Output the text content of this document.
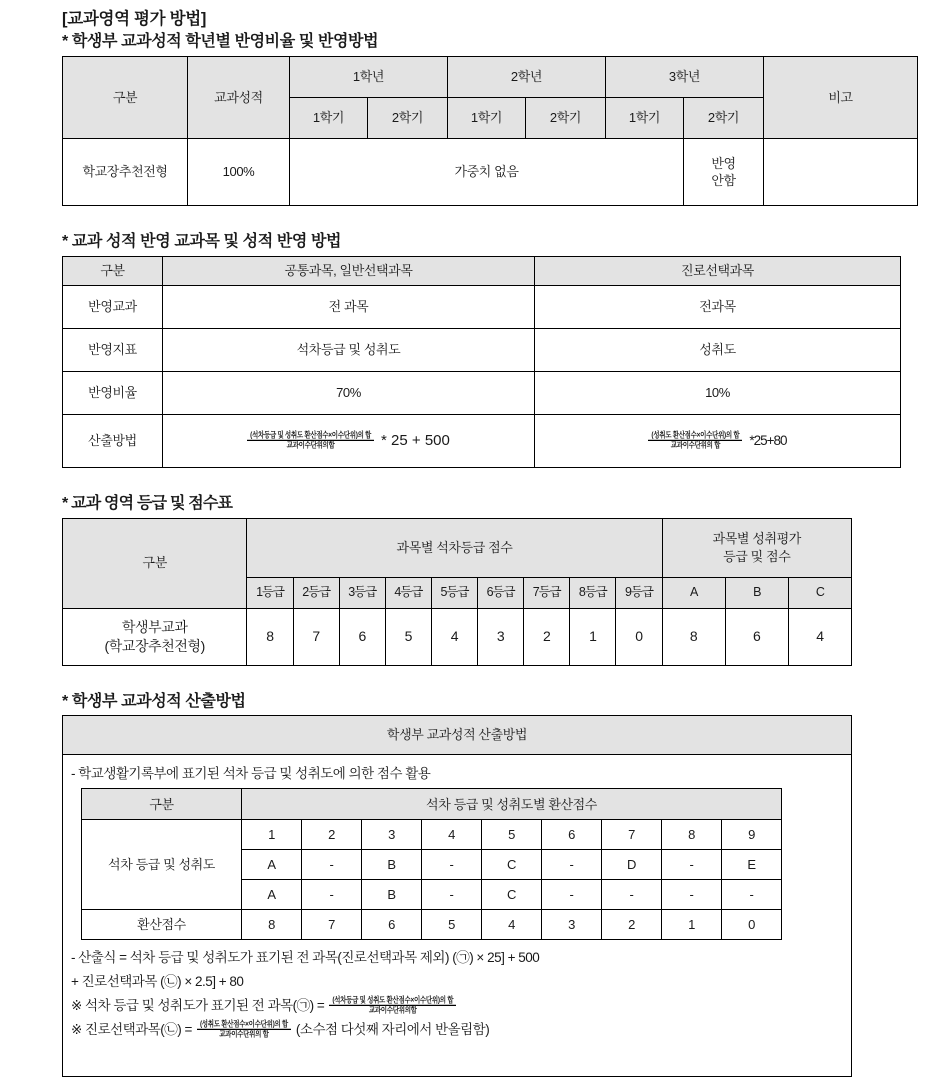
[교과영역 평가 방법]
* 학생부 교과성적 학년별 반영비율 및 반영방법
구분	교과성적	1학년		2학년		3학년		비고
		1학기	2학기	1학기	2학기	1학기	2학기	
학교장추천전형	100%	가중치 없음					반영
안함	

* 교과 성적 반영 교과목 및 성적 반영 방법
구분	공통과목, 일반선택과목	진로선택과목
반영교과	전 과목	전과목
반영지표	석차등급 및 성취도	성취도
반영비율	70%	10%
산출방법	$\frac{\text{(석차등급 및 성취도 환산점수×이수단위)의 합}}{\text{교과이수단위의합}} * 25 + 500$	$\frac{\text{(성취도 환산점수×이수단위)의 합}}{\text{교과이수단위의 합}} *25+80$
* 교과 영역 등급 및 점수표
구분	과목별 석차등급 점수									과목별 성취평가
등급 및 점수		

	1등급	2등급	3등급	4등급	5등급	6등급	7등급	8등급	9등급	A	B	C

학생부교과
(학교장추천전형)	8	7	6	5	4	3	2	1	0	8	6	4
* 학생부 교과성적 산출방법
학생부 교과성적 산출방법
- 학교생활기록부에 표기된 석차 등급 및 성취도에 의한 점수 활용
구분	석차 등급 및 성취도별 환산점수								
석차 등급 및 성취도	1	2	3	4	5	6	7	8	9
	A	-	B	-	C	-	D	-	E
	A	-	B	-	C	-	-	-	-
환산점수	8	7	6	5	4	3	2	1	0
- 산출식 = 석차 등급 및 성취도가 표기된 전 과목(진로선택과목 제외) (㉠) × 25] + 500
+ 진로선택과목 (㉡) × 2.5] + 80
※ 석차 등급 및 성취도가 표기된 전 과목(㉠) = $\frac{\text{(석차등급 및 성취도 환산점수×이수단위)의 합}}{\text{교과이수단위의합}}$
※ 진로선택과목(㉡) = $\frac{\text{(성취도 환산점수×이수단위)의 합}}{\text{교과이수단위의 합}}$ (소수점 다섯째 자리에서 반올림함)
